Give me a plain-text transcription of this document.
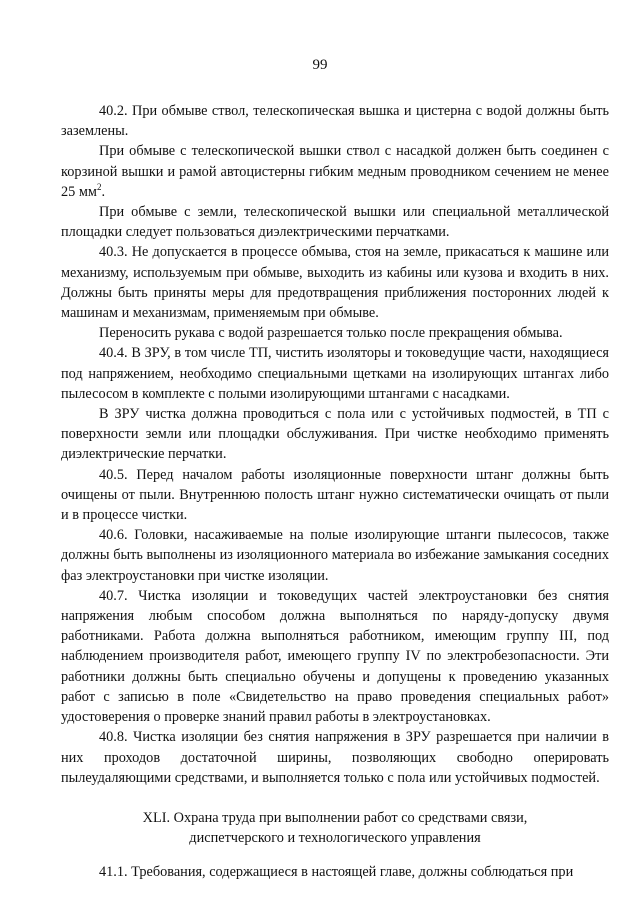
99

40.2. При обмыве ствол, телескопическая вышка и цистерна с водой должны быть заземлены.

При обмыве с телескопической вышки ствол с насадкой должен быть соединен с корзиной вышки и рамой автоцистерны гибким медным проводником сечением не менее 25 $мм^2$.

При обмыве с земли, телескопической вышки или специальной металлической площадки следует пользоваться диэлектрическими перчатками.

40.3. Не допускается в процессе обмыва, стоя на земле, прикасаться к машине или механизму, используемым при обмыве, выходить из кабины или кузова и входить в них. Должны быть приняты меры для предотвращения приближения посторонних людей к машинам и механизмам, применяемым при обмыве.

Переносить рукава с водой разрешается только после прекращения обмыва.

40.4. В ЗРУ, в том числе ТП, чистить изоляторы и токоведущие части, находящиеся под напряжением, необходимо специальными щетками на изолирующих штангах либо пылесосом в комплекте с полыми изолирующими штангами с насадками.

В ЗРУ чистка должна проводиться с пола или с устойчивых подмостей, в ТП с поверхности земли или площадки обслуживания. При чистке необходимо применять диэлектрические перчатки.

40.5. Перед началом работы изоляционные поверхности штанг должны быть очищены от пыли. Внутреннюю полость штанг нужно систематически очищать от пыли и в процессе чистки.

40.6. Головки, насаживаемые на полые изолирующие штанги пылесосов, также должны быть выполнены из изоляционного материала во избежание замыкания соседних фаз электроустановки при чистке изоляции.

40.7. Чистка изоляции и токоведущих частей электроустановки без снятия напряжения любым способом должна выполняться по наряду-допуску двумя работниками. Работа должна выполняться работником, имеющим группу III, под наблюдением производителя работ, имеющего группу IV по электробезопасности. Эти работники должны быть специально обучены и допущены к проведению указанных работ с записью в поле «Свидетельство на право проведения специальных работ» удостоверения о проверке знаний правил работы в электроустановках.

40.8. Чистка изоляции без снятия напряжения в ЗРУ разрешается при наличии в них проходов достаточной ширины, позволяющих свободно оперировать пылеудаляющими средствами, и выполняется только с пола или устойчивых подмостей.

XLI. Охрана труда при выполнении работ со средствами связи,
диспетчерского и технологического управления

41.1. Требования, содержащиеся в настоящей главе, должны соблюдаться при
